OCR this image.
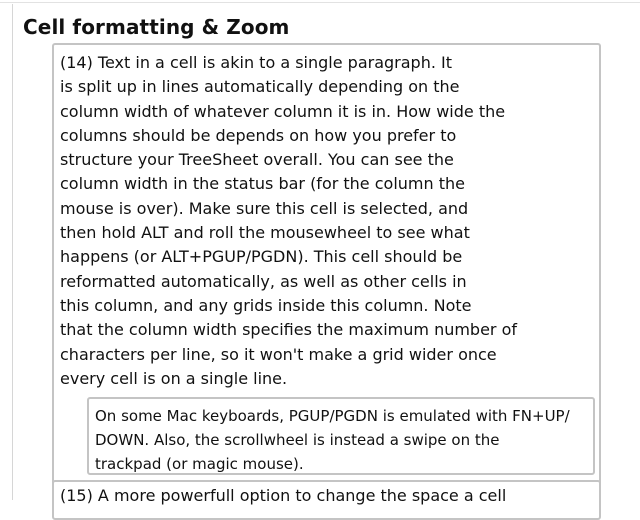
Cell formatting & Zoom
(14) Text in a cell is akin to a single paragraph. It
is split up in lines automatically depending on the
column width of whatever column it is in. How wide the
columns should be depends on how you prefer to
structure your TreeSheet overall. You can see the
column width in the status bar (for the column the
mouse is over). Make sure this cell is selected, and
then hold ALT and roll the mousewheel to see what
happens (or ALT+PGUP/PGDN). This cell should be
reformatted automatically, as well as other cells in
this column, and any grids inside this column. Note
that the column width specifies the maximum number of
characters per line, so it won't make a grid wider once
every cell is on a single line.
On some Mac keyboards, PGUP/PGDN is emulated with FN+UP/
DOWN. Also, the scrollwheel is instead a swipe on the
trackpad (or magic mouse).
(15) A more powerfull option to change the space a cell
